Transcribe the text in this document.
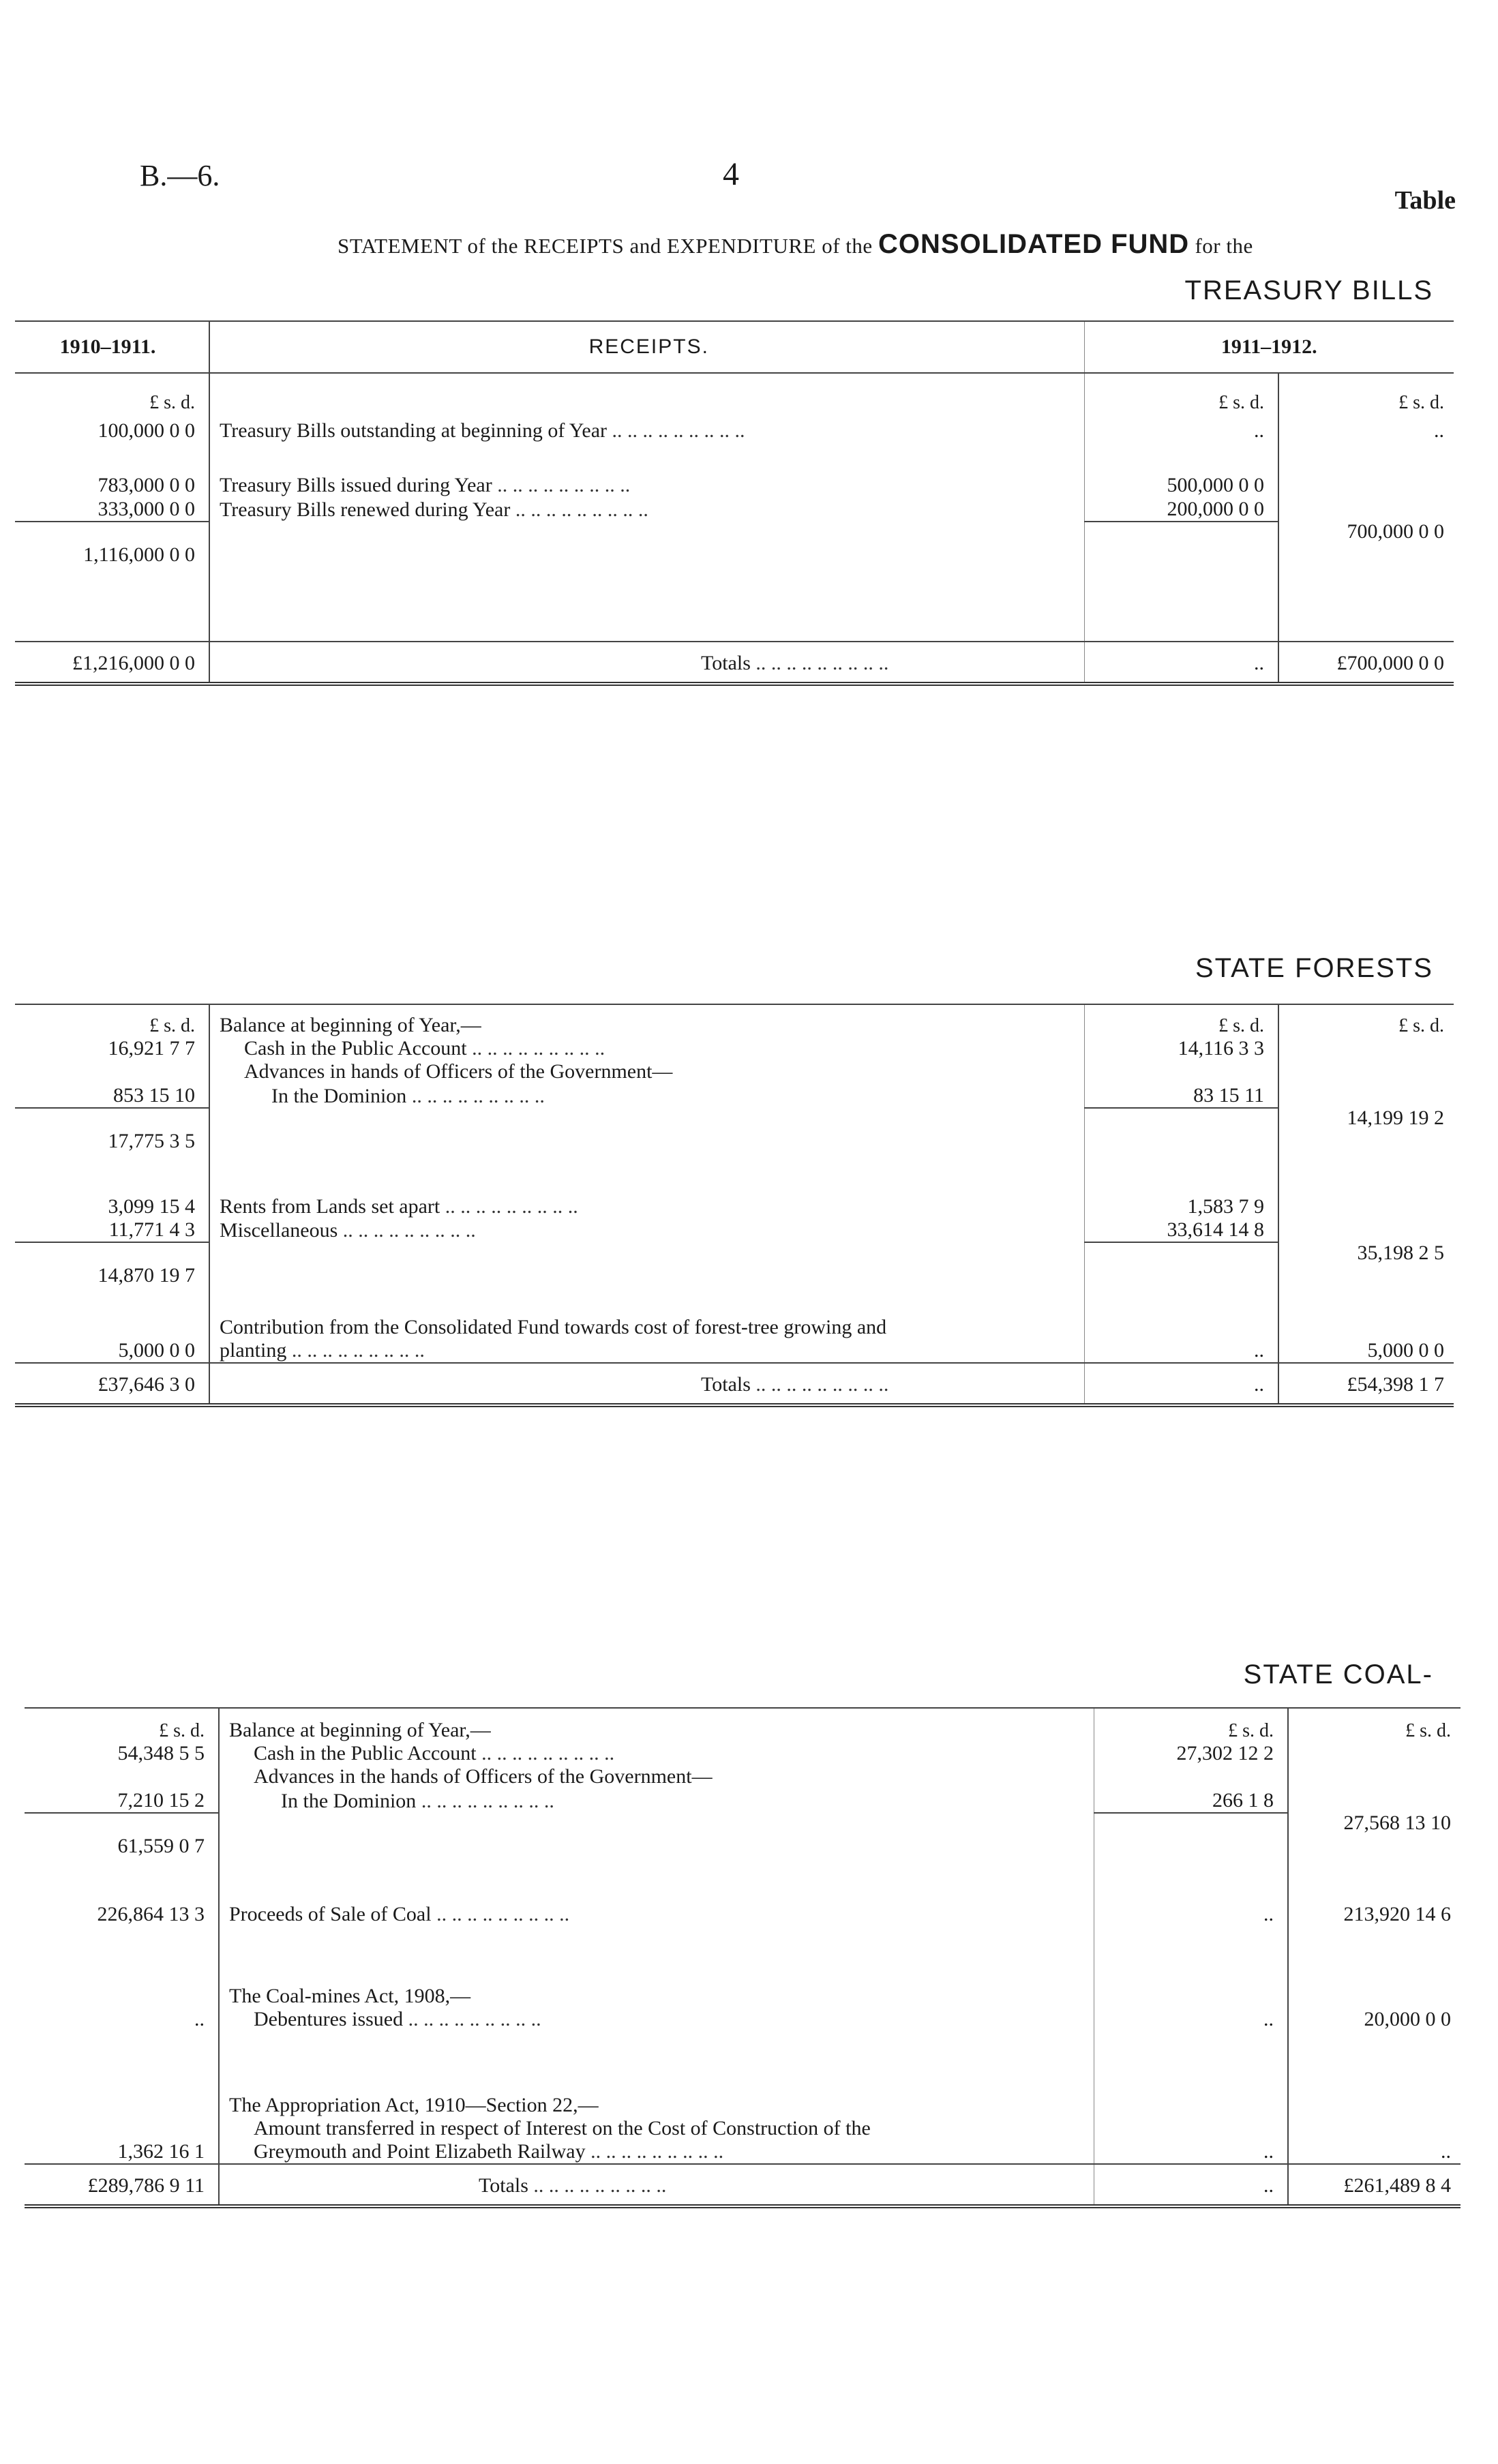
B.—6.	4
Table
STATEMENT of the RECEIPTS and EXPENDITURE of the CONSOLIDATED FUND for the
TREASURY BILLS
1910–1911.	RECEIPTS.	1911–1912.	
£ s. d.		£ s. d.	£ s. d.
100,000 0 0	Treasury Bills outstanding at beginning of Year ..	..	..
783,000 0 0	Treasury Bills issued during Year ..	500,000 0 0	
333,000 0 0	Treasury Bills renewed during Year ..	200,000 0 0	700,000 0 0
1,116,000 0 0			

£1,216,000 0 0	Totals ..	..	£700,000 0 0
STATE FORESTS
£ s. d.	Balance at beginning of Year,—	£ s. d.	£ s. d.
16,921 7 7	Cash in the Public Account ..	14,116 3 3	
	Advances in hands of Officers of the Government—		
853 15 10	In the Dominion ..	83 15 11	14,199 19 2
17,775 3 5			
3,099 15 4	Rents from Lands set apart ..	1,583 7 9	
11,771 4 3	Miscellaneous ..	33,614 14 8	35,198 2 5
14,870 19 7			
	Contribution from the Consolidated Fund towards cost of forest-tree growing and		
5,000 0 0	planting ..	..	5,000 0 0
£37,646 3 0	Totals ..	..	£54,398 1 7
STATE COAL-
£ s. d.	Balance at beginning of Year,—	£ s. d.	£ s. d.
54,348 5 5	Cash in the Public Account ..	27,302 12 2	
	Advances in the hands of Officers of the Government—		
7,210 15 2	In the Dominion ..	266 1 8	27,568 13 10
61,559 0 7			
226,864 13 3	Proceeds of Sale of Coal ..	..	213,920 14 6
	The Coal-mines Act, 1908,—		
..	Debentures issued ..	..	20,000 0 0
	The Appropriation Act, 1910—Section 22,—		
	Amount transferred in respect of Interest on the Cost of Construction of the		
1,362 16 1	Greymouth and Point Elizabeth Railway ..	..	..
£289,786 9 11	Totals ..	..	£261,489 8 4
